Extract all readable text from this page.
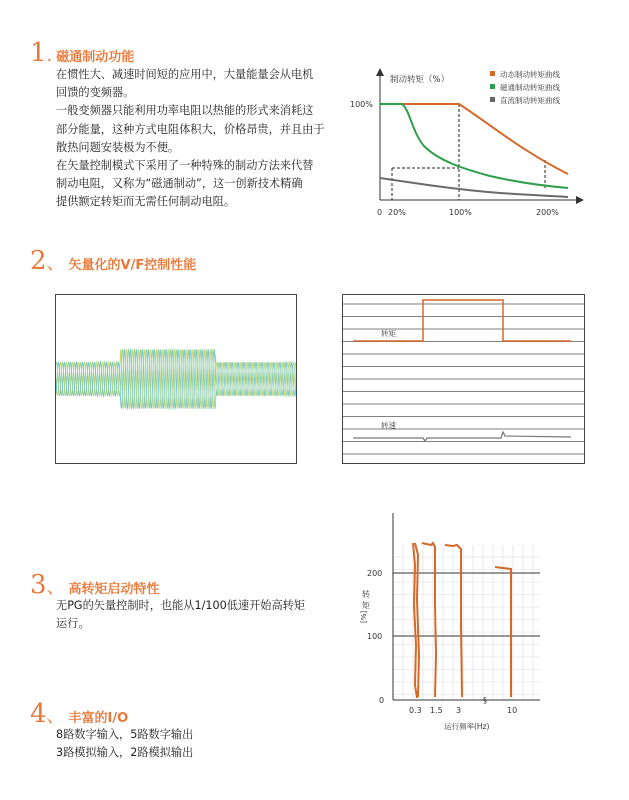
1 . 磁通制动功能

在惯性大、减速时间短的应用中，大量能量会从电机

回馈的变频器。

一般变频器只能利用功率电阻以热能的形式来消耗这

部分能量，这种方式电阻体积大，价格昂贵，并且由于

散热问题安装极为不便。

在矢量控制模式下采用了一种特殊的制动方法来代替

制动电阻，又称为“磁通制动”，这一创新技术精确

提供额定转矩而无需任何制动电阻。

制动转矩（%）
100%
0 20%	100%	200%
动态制动转矩曲线
磁通制动转矩曲线
直流制动转矩曲线
2 、 矢量化的V/F控制性能
转矩
转速
3 、 高转矩启动特性

无PG的矢量控制时，也能从1/100低速开始高转矩

运行。

200
100
0
转
矩
[%]
0.3 1.5 3	10
§
运行频率(Hz)
4 、 丰富的I/O

8路数字输入，5路数字输出

3路模拟输入，2路模拟输出
